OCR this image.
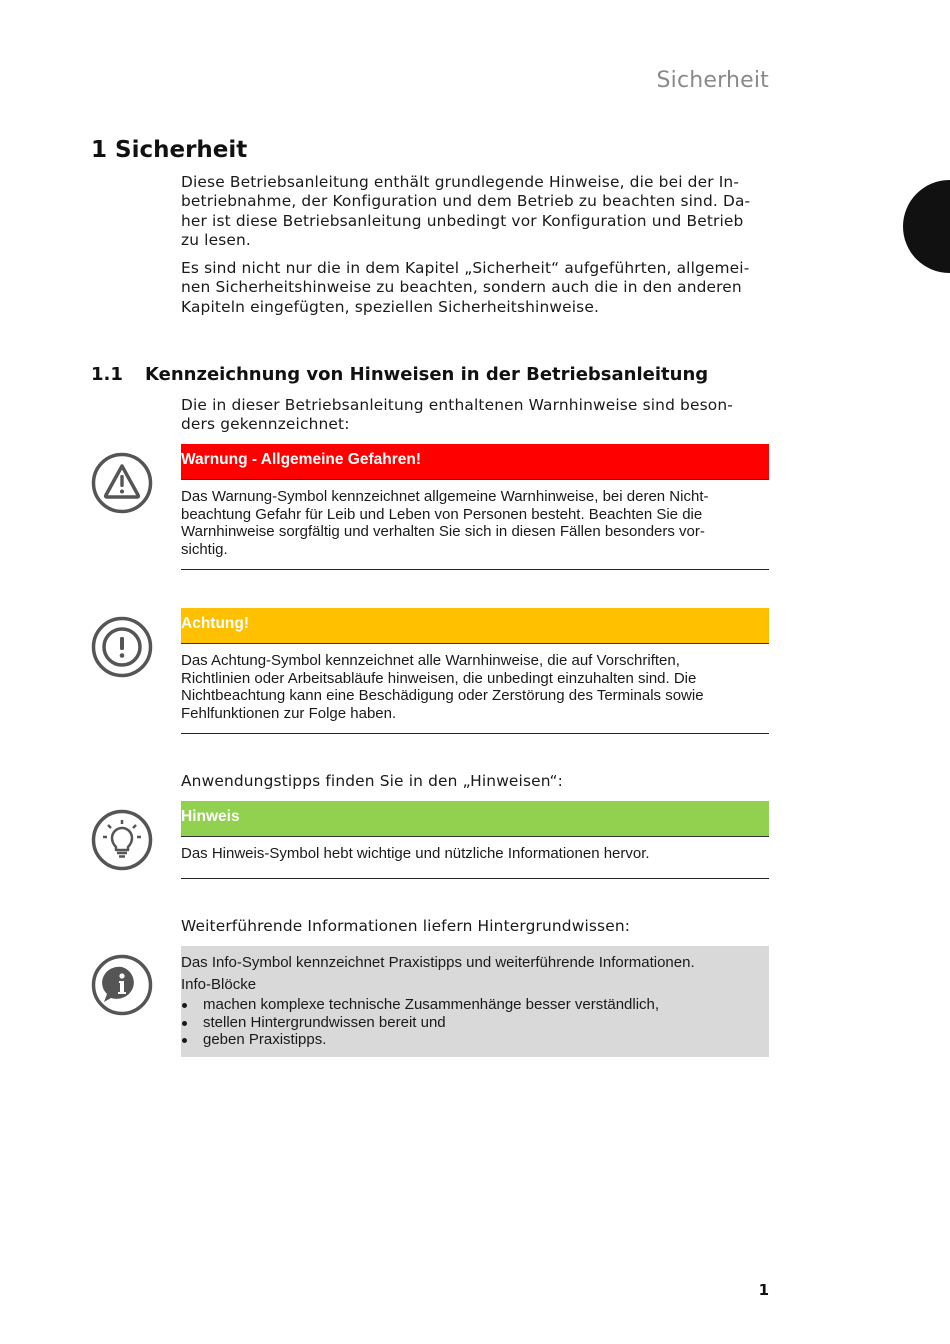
Sicherheit
1 Sicherheit

Diese Betriebsanleitung enthält grundlegende Hinweise, die bei der In-
betriebnahme, der Konfiguration und dem Betrieb zu beachten sind. Da-
her ist diese Betriebsanleitung unbedingt vor Konfiguration und Betrieb
zu lesen.

Es sind nicht nur die in dem Kapitel „Sicherheit“ aufgeführten, allgemei-
nen Sicherheitshinweise zu beachten, sondern auch die in den anderen
Kapiteln eingefügten, speziellen Sicherheitshinweise.

1.1 Kennzeichnung von Hinweisen in der Betriebsanleitung

Die in dieser Betriebsanleitung enthaltenen Warnhinweise sind beson-
ders gekennzeichnet:

Warnung - Allgemeine Gefahren!
Das Warnung-Symbol kennzeichnet allgemeine Warnhinweise, bei deren Nicht-
beachtung Gefahr für Leib und Leben von Personen besteht. Beachten Sie die
Warnhinweise sorgfältig und verhalten Sie sich in diesen Fällen besonders vor-
sichtig.
Achtung!
Das Achtung-Symbol kennzeichnet alle Warnhinweise, die auf Vorschriften,
Richtlinien oder Arbeitsabläufe hinweisen, die unbedingt einzuhalten sind. Die
Nichtbeachtung kann eine Beschädigung oder Zerstörung des Terminals sowie
Fehlfunktionen zur Folge haben.
Anwendungstipps finden Sie in den „Hinweisen“:
Hinweis
Das Hinweis-Symbol hebt wichtige und nützliche Informationen hervor.
Weiterführende Informationen liefern Hintergrundwissen:
Das Info-Symbol kennzeichnet Praxistipps und weiterführende Informationen.
Info-Blöcke
machen komplexe technische Zusammenhänge besser verständlich,
stellen Hintergrundwissen bereit und
geben Praxistipps.
1
